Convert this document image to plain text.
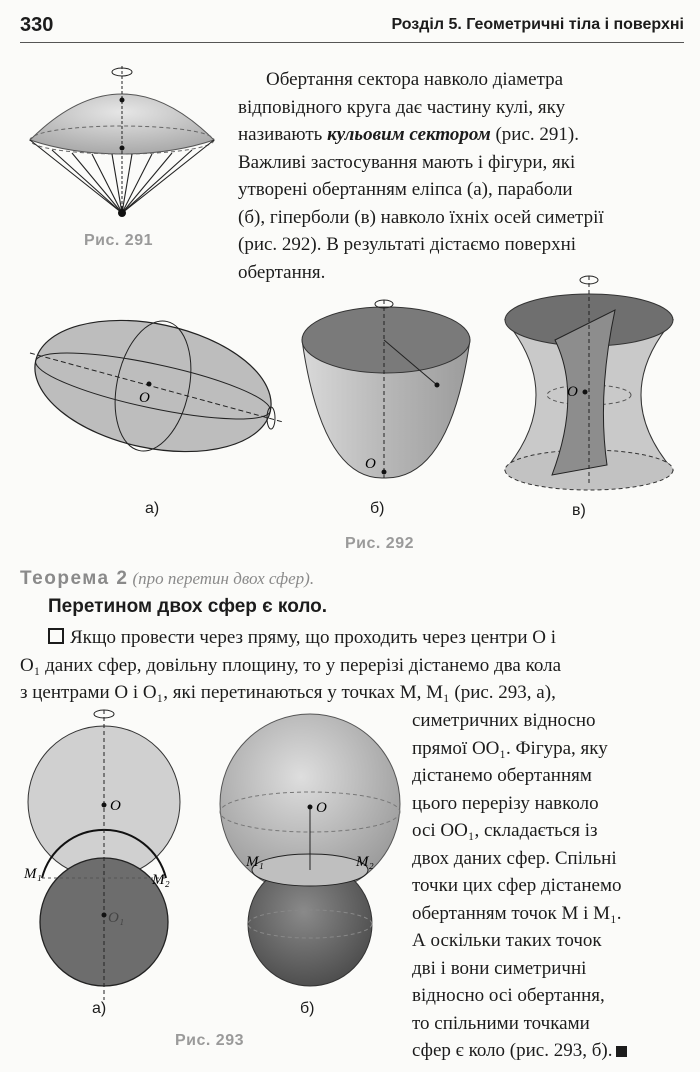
330	Розділ 5. Геометричні тіла і поверхні
Рис. 291

Обертання сектора навколо діаметра

відповідного круга дає частину кулі, яку

називають кульовим сектором (рис. 291).

Важливі застосування мають і фігури, які

утворені обертанням еліпса (а), параболи

(б), гіперболи (в) навколо їхніх осей симетрії

(рис. 292). В результаті дістаємо поверхні

обертання.

O
а)
O
б)
O
в)
Рис. 292
Теорема 2 (про перетин двох сфер).
Перетином двох сфер є коло.

Якщо провести через пряму, що проходить через центри O і

O₁ даних сфер, довільну площину, то у перерізі дістанемо два кола

з центрами O і O₁, які перетинаються у точках M, M₁ (рис. 293, а),

симетричних відносно

прямої OO₁. Фігура, яку

дістанемо обертанням

цього перерізу навколо

осі OO₁, складається із

двох даних сфер. Спільні

точки цих сфер дістанемо

обертанням точок M і M₁.

А оскільки таких точок

дві і вони симетричні

відносно осі обертання,

то спільними точками

сфер є коло (рис. 293, б).

O
O₁
M₁	M₂
а)
O
M₁	M₂
б)
Рис. 293
